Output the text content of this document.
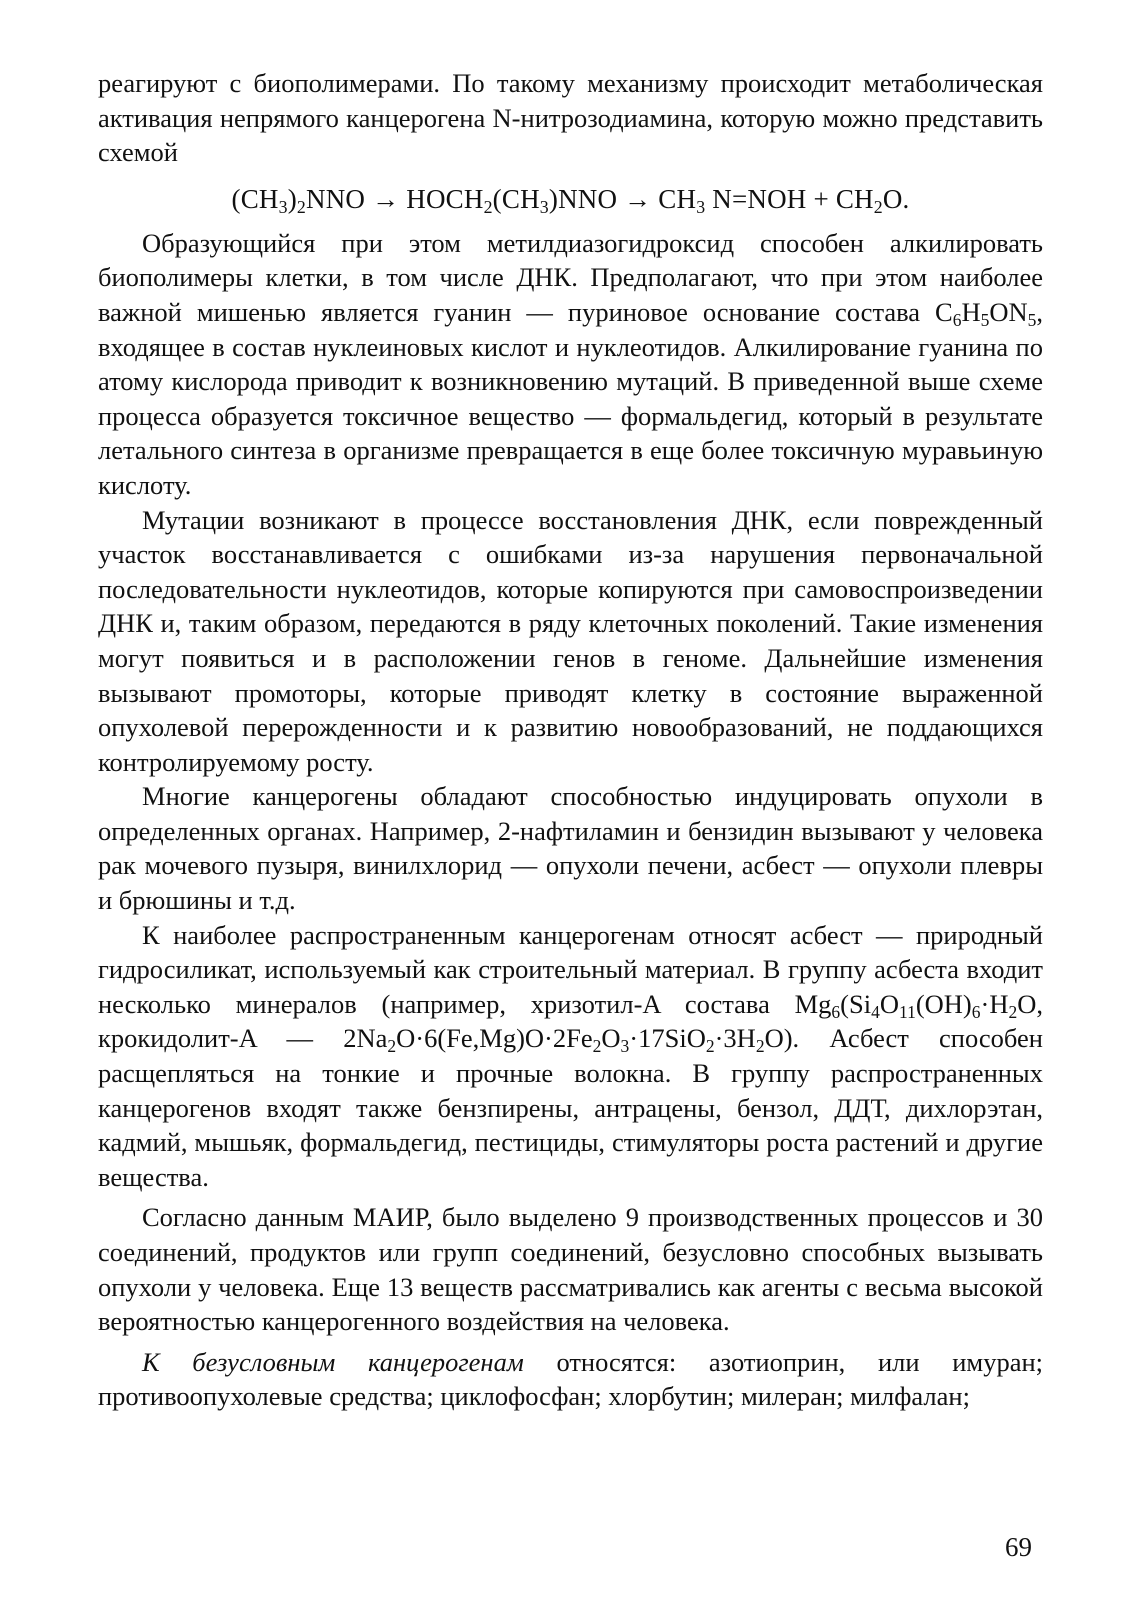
реагируют с биополимерами. По такому механизму происходит метаболическая активация непрямого канцерогена N-нитрозодиамина, которую можно представить схемой

$(CH_3)_2NNO$ → $HOCH_2(CH_3)NNO \to CH_3$ $N=NOH + CH_2O$.

Образующийся при этом метилдиазогидроксид способен алкилировать биополимеры клетки, в том числе ДНК. Предполагают, что при этом наиболее важной мишенью является гуанин — пуриновое основание состава $C_6H_5ON_5$, входящее в состав нуклеиновых кислот и нуклеотидов. Алкилирование гуанина по атому кислорода приводит к возникновению мутаций. В приведенной выше схеме процесса образуется токсичное вещество — формальдегид, который в результате летального синтеза в организме превращается в еще более токсичную муравьиную кислоту.

Мутации возникают в процессе восстановления ДНК, если поврежденный участок восстанавливается с ошибками из-за нарушения первоначальной последовательности нуклеотидов, которые копируются при самовоспроизведении ДНК и, таким образом, передаются в ряду клеточных поколений. Такие изменения могут появиться и в расположении генов в геноме. Дальнейшие изменения вызывают промоторы, которые приводят клетку в состояние выраженной опухолевой перерожденности и к развитию новообразований, не поддающихся контролируемому росту.

Многие канцерогены обладают способностью индуцировать опухоли в определенных органах. Например, 2-нафтиламин и бензидин вызывают у человека рак мочевого пузыря, винилхлорид — опухоли печени, асбест — опухоли плевры и брюшины и т.д.

К наиболее распространенным канцерогенам относят асбест — природный гидросиликат, используемый как строительный материал. В группу асбеста входит несколько минералов (например, хризотил-A состава $Mg_6(Si_4O_{11}(OH)_6\cdot H_2O$, крокидолит-A — $2Na_2O\cdot 6(Fe,Mg)O\cdot 2Fe_2O_3\cdot 17SiO_2\cdot 3H_2O$). Асбест способен расщепляться на тонкие и прочные волокна. В группу распространенных канцерогенов входят также бензпирены, антрацены, бензол, ДДТ, дихлорэтан, кадмий, мышьяк, формальдегид, пестициды, стимуляторы роста растений и другие вещества.

Согласно данным МАИР, было выделено 9 производственных процессов и 30 соединений, продуктов или групп соединений, безусловно способных вызывать опухоли у человека. Еще 13 веществ рассматривались как агенты с весьма высокой вероятностью канцерогенного воздействия на человека.

К безусловным канцерогенам относятся: азотиоприн, или имуран; противоопухолевые средства; циклофосфан; хлорбутин; милеран; милфалан;

69
